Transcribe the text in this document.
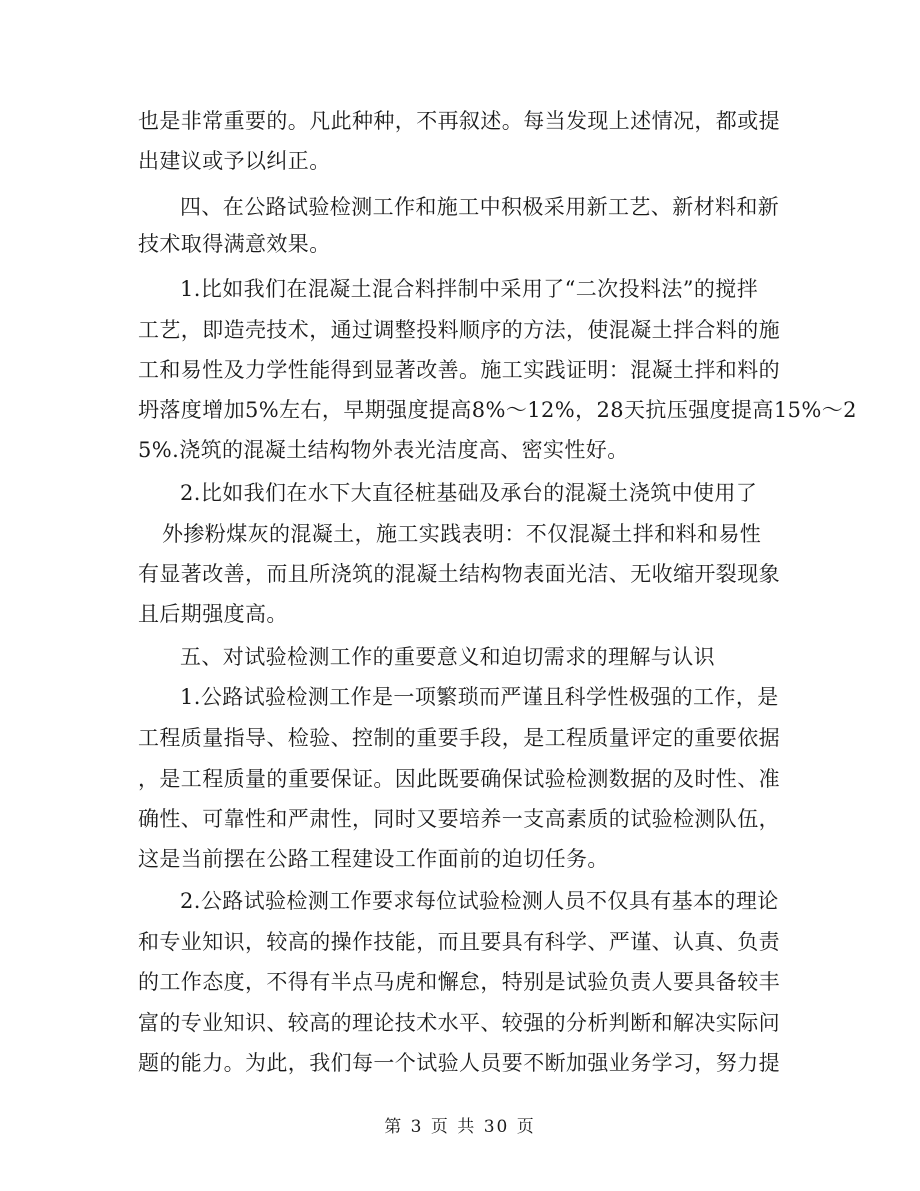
也是非常重要的。凡此种种，不再叙述。每当发现上述情况，都或提
出建议或予以纠正。
四、在公路试验检测工作和施工中积极采用新工艺、新材料和新
技术取得满意效果。
1.比如我们在混凝土混合料拌制中采用了“二次投料法”的搅拌
工艺，即造壳技术，通过调整投料顺序的方法，使混凝土拌合料的施
工和易性及力学性能得到显著改善。施工实践证明：混凝土拌和料的
坍落度增加5%左右，早期强度提高8%～12%，28天抗压强度提高15%～2
5%.浇筑的混凝土结构物外表光洁度高、密实性好。
2.比如我们在水下大直径桩基础及承台的混凝土浇筑中使用了
外掺粉煤灰的混凝土，施工实践表明：不仅混凝土拌和料和易性
有显著改善，而且所浇筑的混凝土结构物表面光洁、无收缩开裂现象
且后期强度高。
五、对试验检测工作的重要意义和迫切需求的理解与认识
1.公路试验检测工作是一项繁琐而严谨且科学性极强的工作，是
工程质量指导、检验、控制的重要手段，是工程质量评定的重要依据
，是工程质量的重要保证。因此既要确保试验检测数据的及时性、准
确性、可靠性和严肃性，同时又要培养一支高素质的试验检测队伍，
这是当前摆在公路工程建设工作面前的迫切任务。
2.公路试验检测工作要求每位试验检测人员不仅具有基本的理论
和专业知识，较高的操作技能，而且要具有科学、严谨、认真、负责
的工作态度，不得有半点马虎和懈怠，特别是试验负责人要具备较丰
富的专业知识、较高的理论技术水平、较强的分析判断和解决实际问
题的能力。为此，我们每一个试验人员要不断加强业务学习，努力提
第 3 页 共 30 页
